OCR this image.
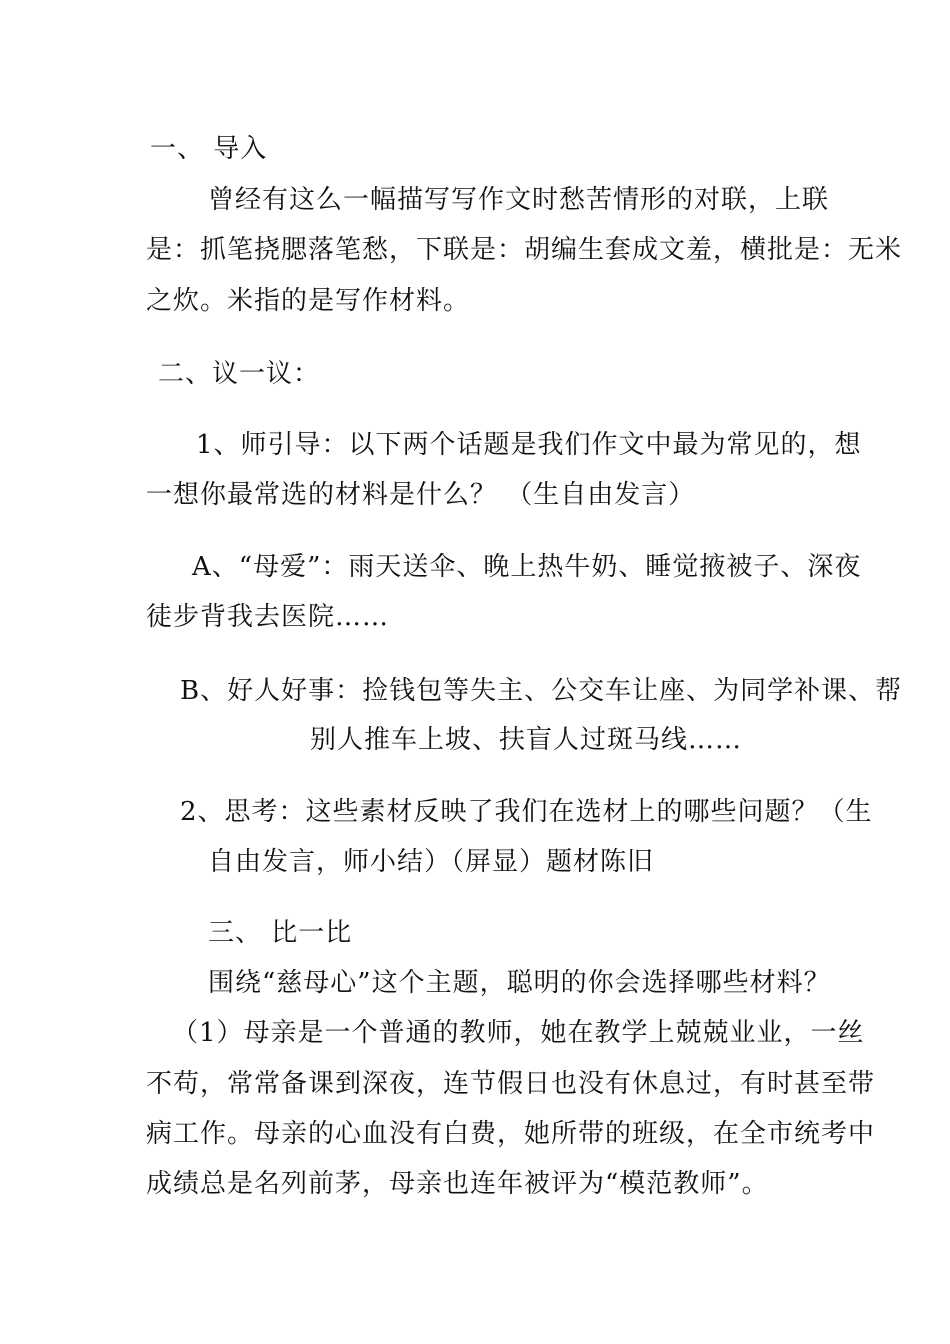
一、 导入
曾经有这么一幅描写写作文时愁苦情形的对联，上联
是：抓笔挠腮落笔愁，下联是：胡编生套成文羞，横批是：无米
之炊。米指的是写作材料。
二、议一议：
1、师引导：以下两个话题是我们作文中最为常见的，想
一想你最常选的材料是什么？ （生自由发言）
A、“母爱”：雨天送伞、晚上热牛奶、睡觉掖被子、深夜
徒步背我去医院……
B、好人好事：捡钱包等失主、公交车让座、为同学补课、帮
别人推车上坡、扶盲人过斑马线……
2、思考：这些素材反映了我们在选材上的哪些问题？（生
自由发言，师小结）（屏显）题材陈旧
三、 比一比
围绕“慈母心”这个主题，聪明的你会选择哪些材料？
（1）母亲是一个普通的教师，她在教学上兢兢业业，一丝
不苟，常常备课到深夜，连节假日也没有休息过，有时甚至带
病工作。母亲的心血没有白费，她所带的班级，在全市统考中
成绩总是名列前茅，母亲也连年被评为“模范教师”。
